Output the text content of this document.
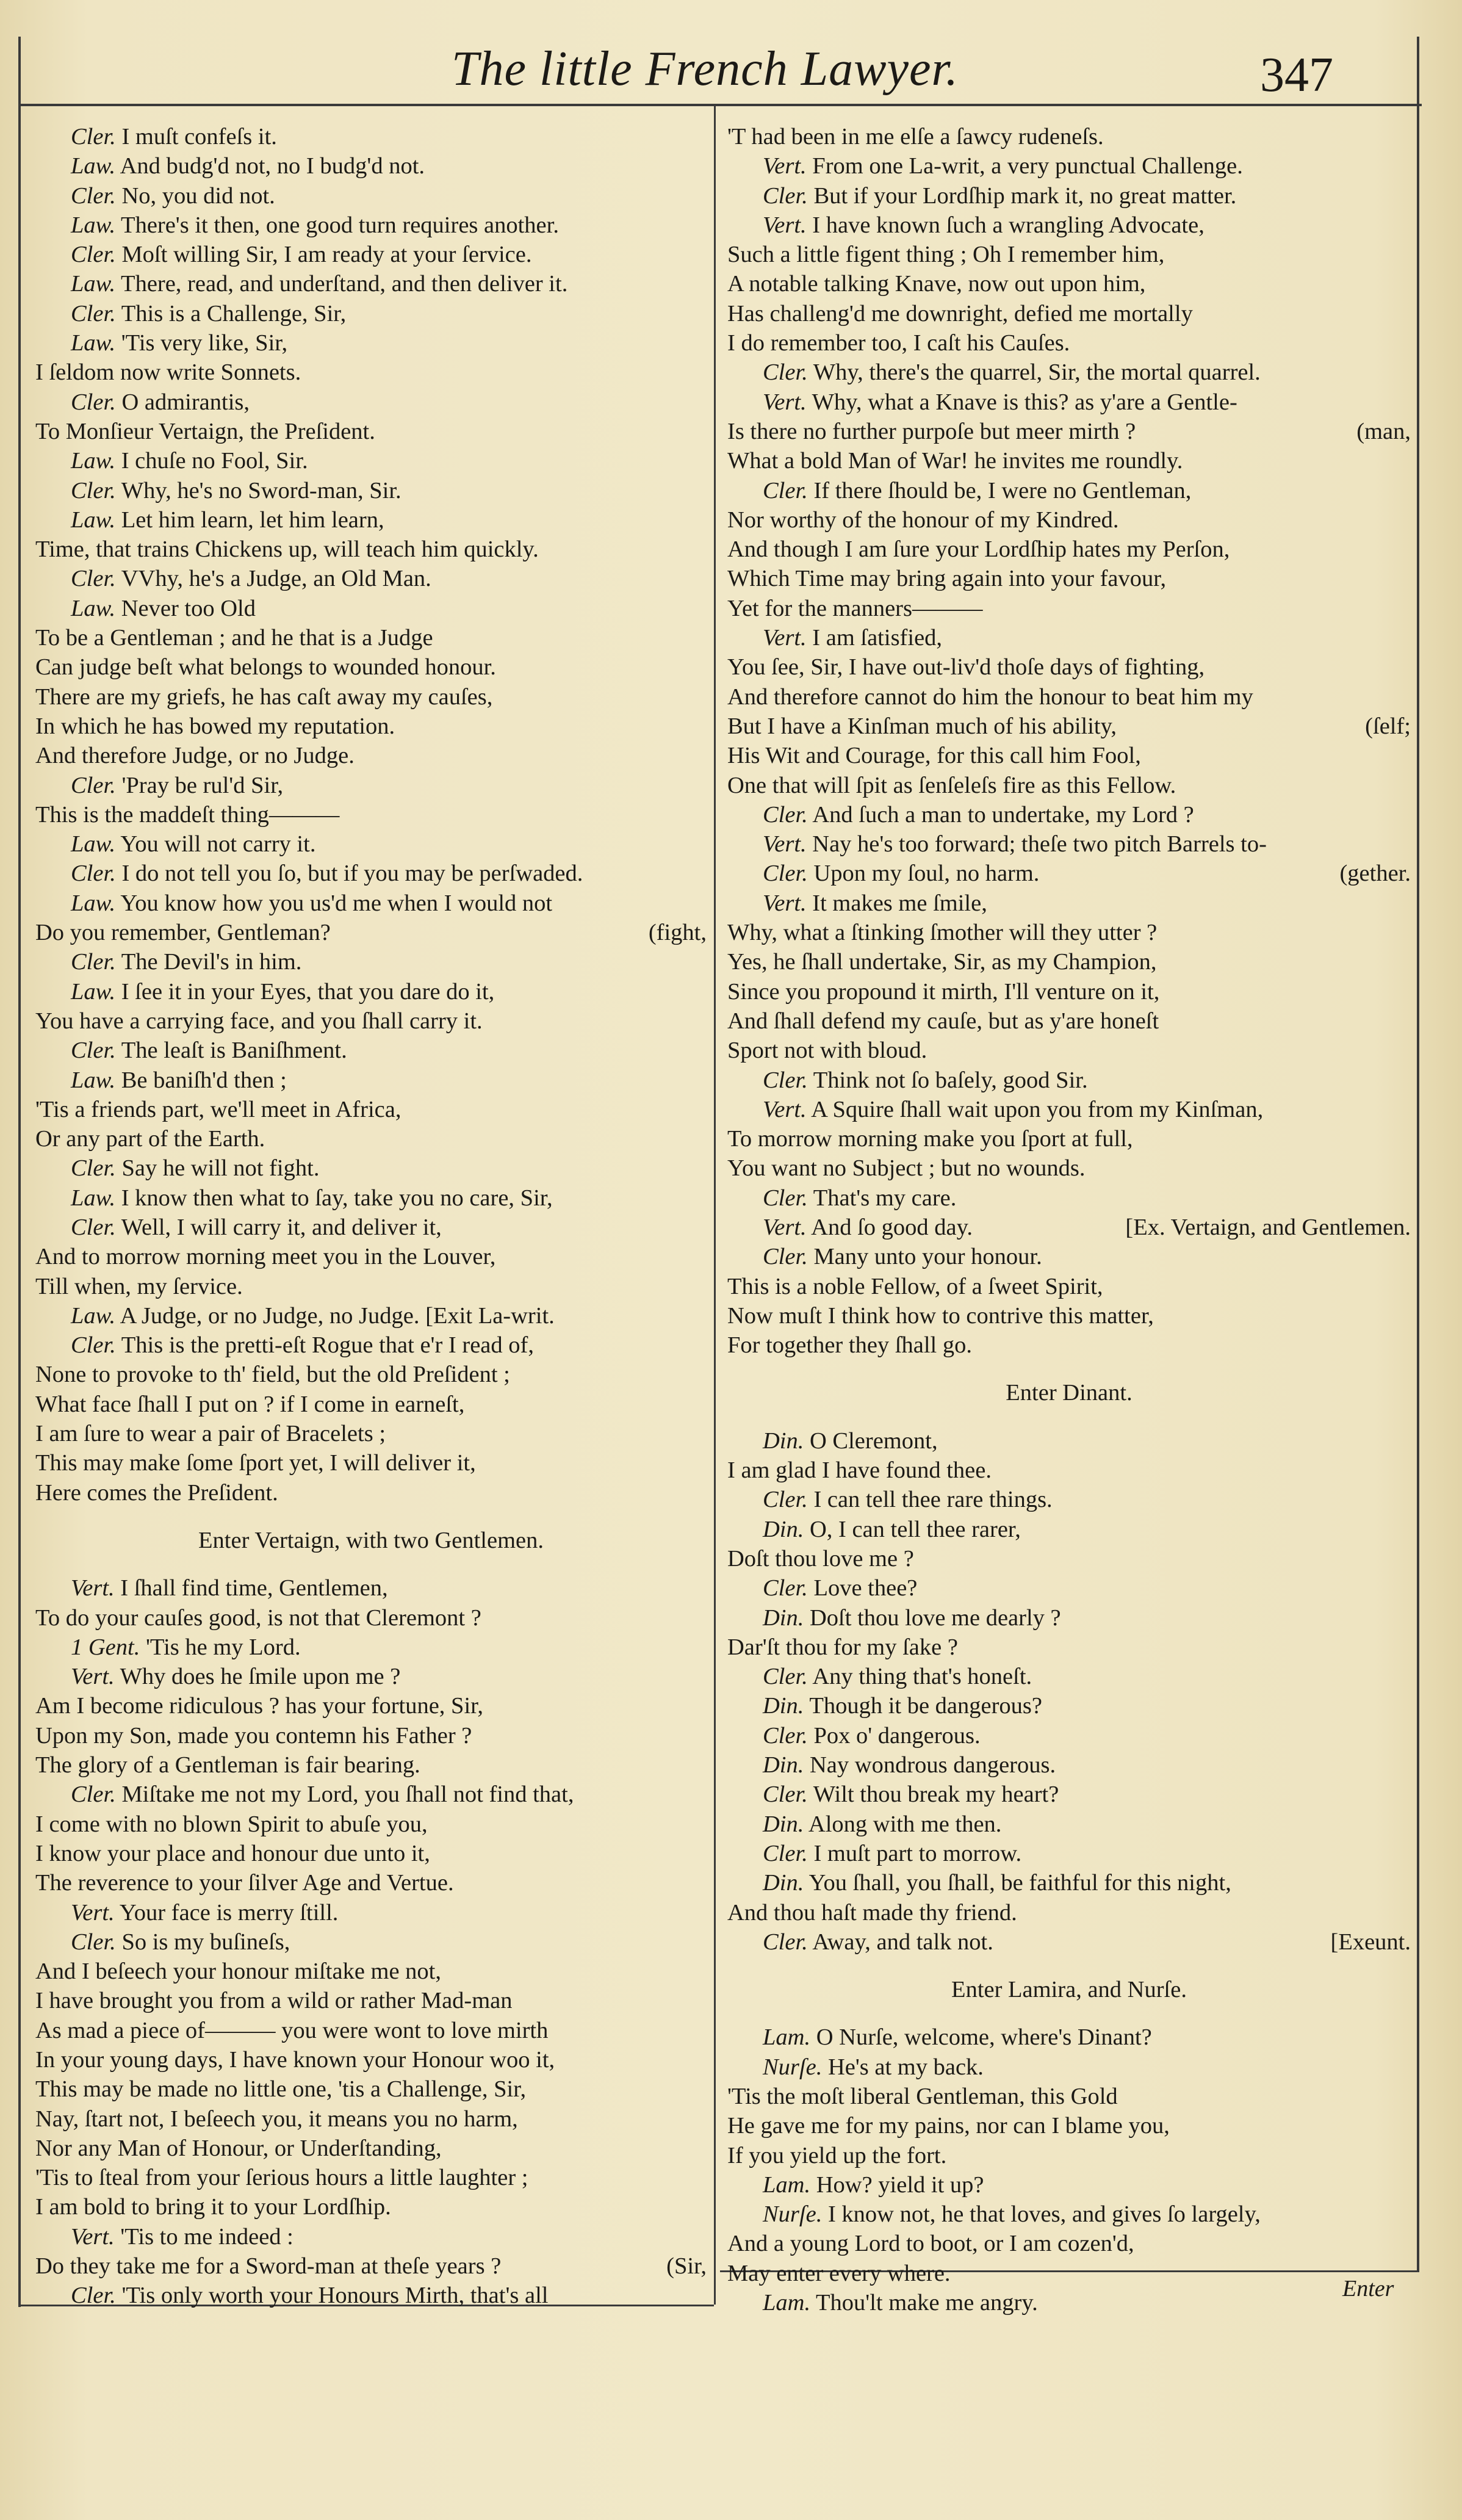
The little French Lawyer.	347
Cler. I muſt confeſs it.
Law. And budg'd not, no I budg'd not.
Cler. No, you did not.
Law. There's it then, one good turn requires another.
Cler. Moſt willing Sir, I am ready at your ſervice.
Law. There, read, and underſtand, and then deliver it.
Cler. This is a Challenge, Sir,
Law. 'Tis very like, Sir,
I ſeldom now write Sonnets.
Cler. O admirantis,
To Monſieur Vertaign, the Preſident.
Law. I chuſe no Fool, Sir.
Cler. Why, he's no Sword-man, Sir.
Law. Let him learn, let him learn,
Time, that trains Chickens up, will teach him quickly.
Cler. VVhy, he's a Judge, an Old Man.
Law. Never too Old
To be a Gentleman ; and he that is a Judge
Can judge beſt what belongs to wounded honour.
There are my griefs, he has caſt away my cauſes,
In which he has bowed my reputation.
And therefore Judge, or no Judge.
Cler. 'Pray be rul'd Sir,
This is the maddeſt thing———
Law. You will not carry it.
Cler. I do not tell you ſo, but if you may be perſwaded.
Law. You know how you us'd me when I would not
Do you remember, Gentleman?	(fight,
Cler. The Devil's in him.
Law. I ſee it in your Eyes, that you dare do it,
You have a carrying face, and you ſhall carry it.
Cler. The leaſt is Baniſhment.
Law. Be baniſh'd then ;
'Tis a friends part, we'll meet in Africa,
Or any part of the Earth.
Cler. Say he will not fight.
Law. I know then what to ſay, take you no care, Sir,
Cler. Well, I will carry it, and deliver it,
And to morrow morning meet you in the Louver,
Till when, my ſervice.
Law. A Judge, or no Judge, no Judge. [Exit La-writ.
Cler. This is the pretti-eſt Rogue that e'r I read of,
None to provoke to th' field, but the old Preſident ;
What face ſhall I put on ? if I come in earneſt,
I am ſure to wear a pair of Bracelets ;
This may make ſome ſport yet, I will deliver it,
Here comes the Preſident.
Enter Vertaign, with two Gentlemen.
Vert. I ſhall find time, Gentlemen,
To do your cauſes good, is not that Cleremont ?
1 Gent. 'Tis he my Lord.
Vert. Why does he ſmile upon me ?
Am I become ridiculous ? has your fortune, Sir,
Upon my Son, made you contemn his Father ?
The glory of a Gentleman is fair bearing.
Cler. Miſtake me not my Lord, you ſhall not find that,
I come with no blown Spirit to abuſe you,
I know your place and honour due unto it,
The reverence to your ſilver Age and Vertue.
Vert. Your face is merry ſtill.
Cler. So is my buſineſs,
And I beſeech your honour miſtake me not,
I have brought you from a wild or rather Mad-man
As mad a piece of——— you were wont to love mirth
In your young days, I have known your Honour woo it,
This may be made no little one, 'tis a Challenge, Sir,
Nay, ſtart not, I beſeech you, it means you no harm,
Nor any Man of Honour, or Underſtanding,
'Tis to ſteal from your ſerious hours a little laughter ;
I am bold to bring it to your Lordſhip.
Vert. 'Tis to me indeed :
Do they take me for a Sword-man at theſe years ?	(Sir,
Cler. 'Tis only worth your Honours Mirth, that's all
'T had been in me elſe a ſawcy rudeneſs.
Vert. From one La-writ, a very punctual Challenge.
Cler. But if your Lordſhip mark it, no great matter.
Vert. I have known ſuch a wrangling Advocate,
Such a little figent thing ; Oh I remember him,
A notable talking Knave, now out upon him,
Has challeng'd me downright, defied me mortally
I do remember too, I caſt his Cauſes.
Cler. Why, there's the quarrel, Sir, the mortal quarrel.
Vert. Why, what a Knave is this? as y'are a Gentle-
Is there no further purpoſe but meer mirth ?	(man,
What a bold Man of War! he invites me roundly.
Cler. If there ſhould be, I were no Gentleman,
Nor worthy of the honour of my Kindred.
And though I am ſure your Lordſhip hates my Perſon,
Which Time may bring again into your favour,
Yet for the manners———
Vert. I am ſatisfied,
You ſee, Sir, I have out-liv'd thoſe days of fighting,
And therefore cannot do him the honour to beat him my
But I have a Kinſman much of his ability,	(ſelf;
His Wit and Courage, for this call him Fool,
One that will ſpit as ſenſeleſs fire as this Fellow.
Cler. And ſuch a man to undertake, my Lord ?
Vert. Nay he's too forward; theſe two pitch Barrels to-
Cler. Upon my ſoul, no harm.	(gether.
Vert. It makes me ſmile,
Why, what a ſtinking ſmother will they utter ?
Yes, he ſhall undertake, Sir, as my Champion,
Since you propound it mirth, I'll venture on it,
And ſhall defend my cauſe, but as y'are honeſt
Sport not with bloud.
Cler. Think not ſo baſely, good Sir.
Vert. A Squire ſhall wait upon you from my Kinſman,
To morrow morning make you ſport at full,
You want no Subject ; but no wounds.
Cler. That's my care.
Vert. And ſo good day.	[Ex. Vertaign, and Gentlemen.
Cler. Many unto your honour.
This is a noble Fellow, of a ſweet Spirit,
Now muſt I think how to contrive this matter,
For together they ſhall go.
Enter Dinant.
Din. O Cleremont,
I am glad I have found thee.
Cler. I can tell thee rare things.
Din. O, I can tell thee rarer,
Doſt thou love me ?
Cler. Love thee?
Din. Doſt thou love me dearly ?
Dar'ſt thou for my ſake ?
Cler. Any thing that's honeſt.
Din. Though it be dangerous?
Cler. Pox o' dangerous.
Din. Nay wondrous dangerous.
Cler. Wilt thou break my heart?
Din. Along with me then.
Cler. I muſt part to morrow.
Din. You ſhall, you ſhall, be faithful for this night,
And thou haſt made thy friend.
Cler. Away, and talk not.	[Exeunt.
Enter Lamira, and Nurſe.
Lam. O Nurſe, welcome, where's Dinant?
Nurſe. He's at my back.
'Tis the moſt liberal Gentleman, this Gold
He gave me for my pains, nor can I blame you,
If you yield up the fort.
Lam. How? yield it up?
Nurſe. I know not, he that loves, and gives ſo largely,
And a young Lord to boot, or I am cozen'd,
May enter every where.
Lam. Thou'lt make me angry.
Enter
